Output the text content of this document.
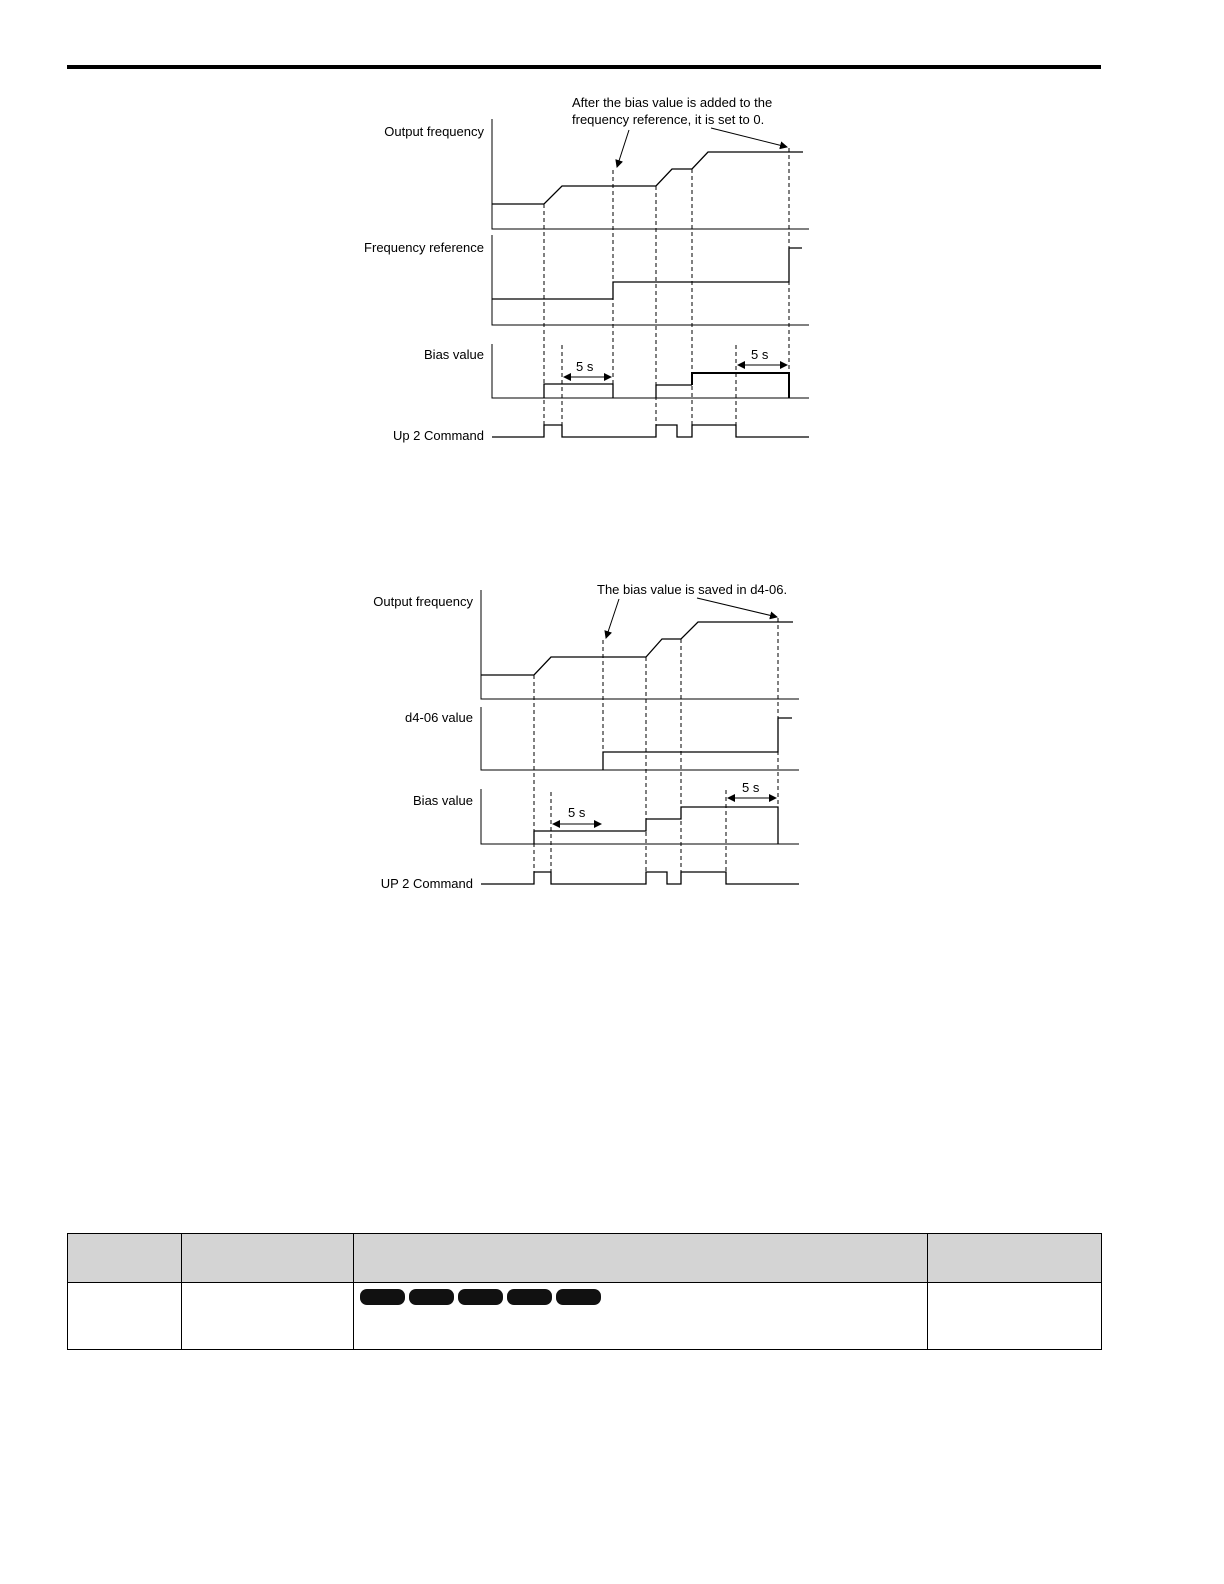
After the bias value is added to the
frequency reference, it is set to 0.
Output frequency
Frequency reference
Bias value
5 s
5 s
Up 2 Command
The bias value is saved in d4-06.
Output frequency
d4-06 value
Bias value
5 s
5 s
UP 2 Command
